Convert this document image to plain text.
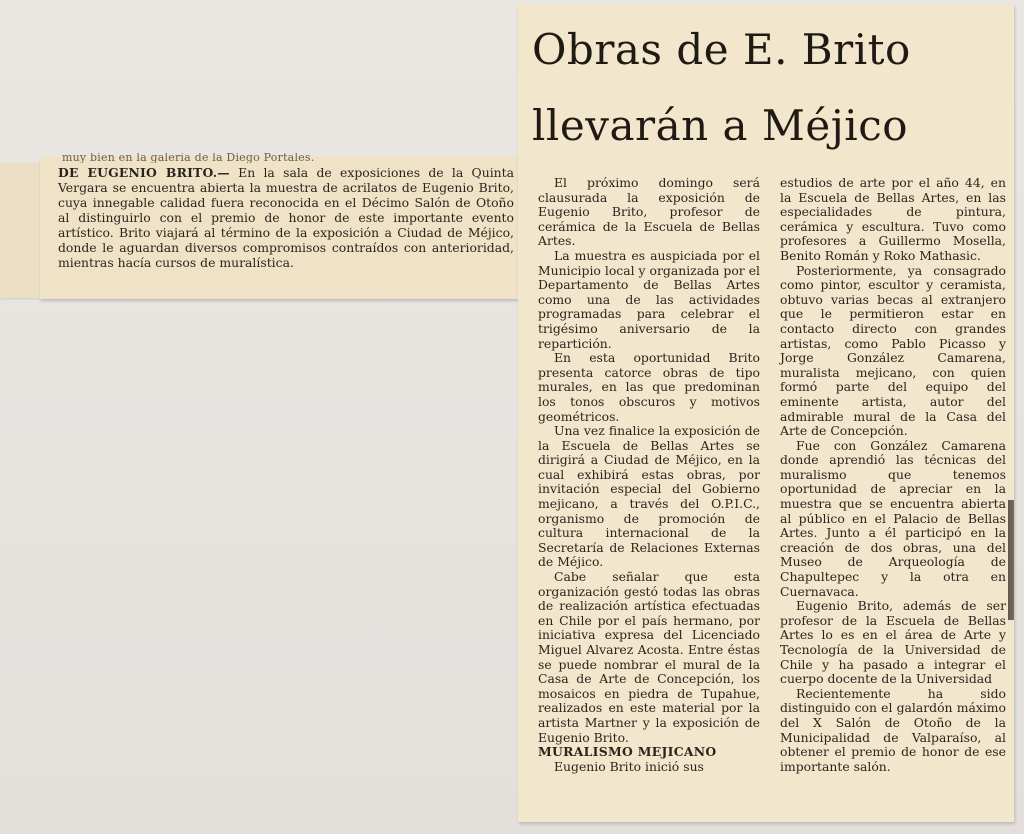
muy bien en la galería de la Diego Portales.
DE EUGENIO BRITO.— En la sala de exposiciones de la Quinta Vergara se encuentra abierta la muestra de acrilatos de Eugenio Brito, cuya innegable calidad fuera reconocida en el Décimo Salón de Otoño al distinguirlo con el premio de honor de este importante evento artístico. Brito viajará al término de la exposición a Ciudad de Méjico, donde le aguardan diversos compromisos contraídos con anterioridad, mientras hacía cursos de muralística.
Obras de E. Brito
llevarán a Méjico

El próximo domingo será clausurada la exposición de Eugenio Brito, profesor de cerámica de la Escuela de Bellas Artes.

La muestra es auspiciada por el Municipio local y organizada por el Departamento de Bellas Artes como una de las actividades programadas para celebrar el trigésimo aniversario de la repartición.

En esta oportunidad Brito presenta catorce obras de tipo murales, en las que predominan los tonos obscuros y motivos geométricos.

Una vez finalice la exposición de la Escuela de Bellas Artes se dirigirá a Ciudad de Méjico, en la cual exhibirá estas obras, por invitación especial del Gobierno mejicano, a través del O.P.I.C., organismo de promoción de cultura internacional de la Secretaría de Relaciones Externas de Méjico.

Cabe señalar que esta organización gestó todas las obras de realización artística efectuadas en Chile por el país hermano, por iniciativa expresa del Licenciado Miguel Alvarez Acosta. Entre éstas se puede nombrar el mural de la Casa de Arte de Concepción, los mosaicos en piedra de Tupahue, realizados en este material por la artista Martner y la exposición de Eugenio Brito.

MURALISMO MEJICANO

Eugenio Brito inició sus

estudios de arte por el año 44, en la Escuela de Bellas Artes, en las especialidades de pintura, cerámica y escultura. Tuvo como profesores a Guillermo Mosella, Benito Román y Roko Mathasic.

Posteriormente, ya consagrado como pintor, escultor y ceramista, obtuvo varias becas al extranjero que le permitieron estar en contacto directo con grandes artistas, como Pablo Picasso y Jorge González Camarena, muralista mejicano, con quien formó parte del equipo del eminente artista, autor del admirable mural de la Casa del Arte de Concepción.

Fue con González Camarena donde aprendió las técnicas del muralismo que tenemos oportunidad de apreciar en la muestra que se encuentra abierta al público en el Palacio de Bellas Artes. Junto a él participó en la creación de dos obras, una del Museo de Arqueología de Chapultepec y la otra en Cuernavaca.

Eugenio Brito, además de ser profesor de la Escuela de Bellas Artes lo es en el área de Arte y Tecnología de la Universidad de Chile y ha pasado a integrar el cuerpo docente de la Universidad

Recientemente ha sido distinguido con el galardón máximo del X Salón de Otoño de la Municipalidad de Valparaíso, al obtener el premio de honor de ese importante salón.
